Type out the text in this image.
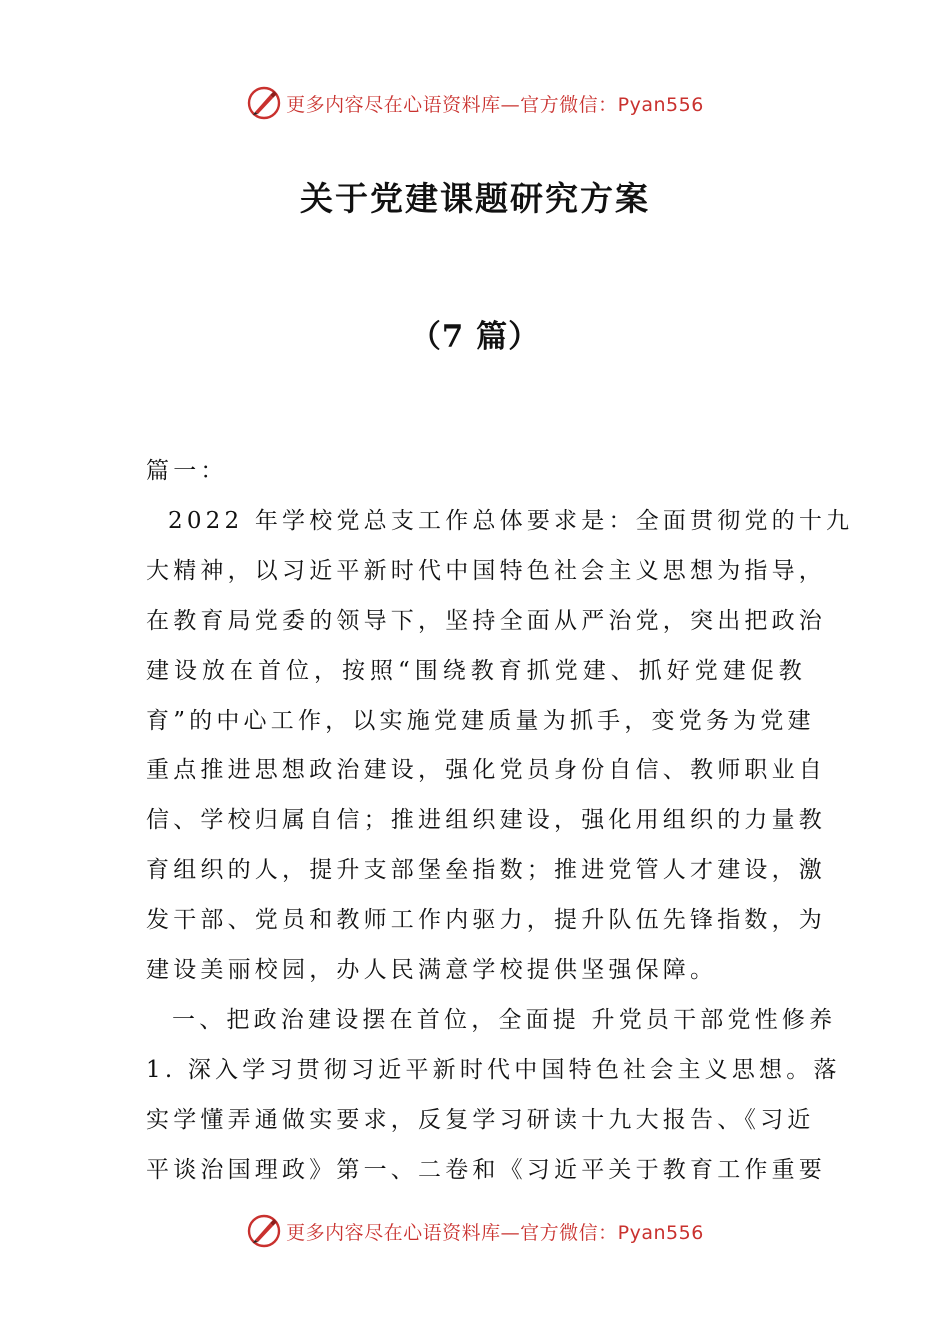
更多内容尽在心语资料库—官方微信：Pyan556
关于党建课题研究方案
（7 篇）
篇一：

2022 年学校党总支工作总体要求是：全面贯彻党的十九
大精神，以习近平新时代中国特色社会主义思想为指导，
在教育局党委的领导下，坚持全面从严治党，突出把政治
建设放在首位，按照“围绕教育抓党建、抓好党建促教
育”的中心工作，以实施党建质量为抓手，变党务为党建
重点推进思想政治建设，强化党员身份自信、教师职业自
信、学校归属自信；推进组织建设，强化用组织的力量教
育组织的人，提升支部堡垒指数；推进党管人才建设，激
发干部、党员和教师工作内驱力，提升队伍先锋指数，为
建设美丽校园，办人民满意学校提供坚强保障。

一、把政治建设摆在首位，全面提 升党员干部党性修养

1. 深入学习贯彻习近平新时代中国特色社会主义思想。落
实学懂弄通做实要求，反复学习研读十九大报告、《习近
平谈治国理政》第一、二卷和《习近平关于教育工作重要

更多内容尽在心语资料库—官方微信：Pyan556
